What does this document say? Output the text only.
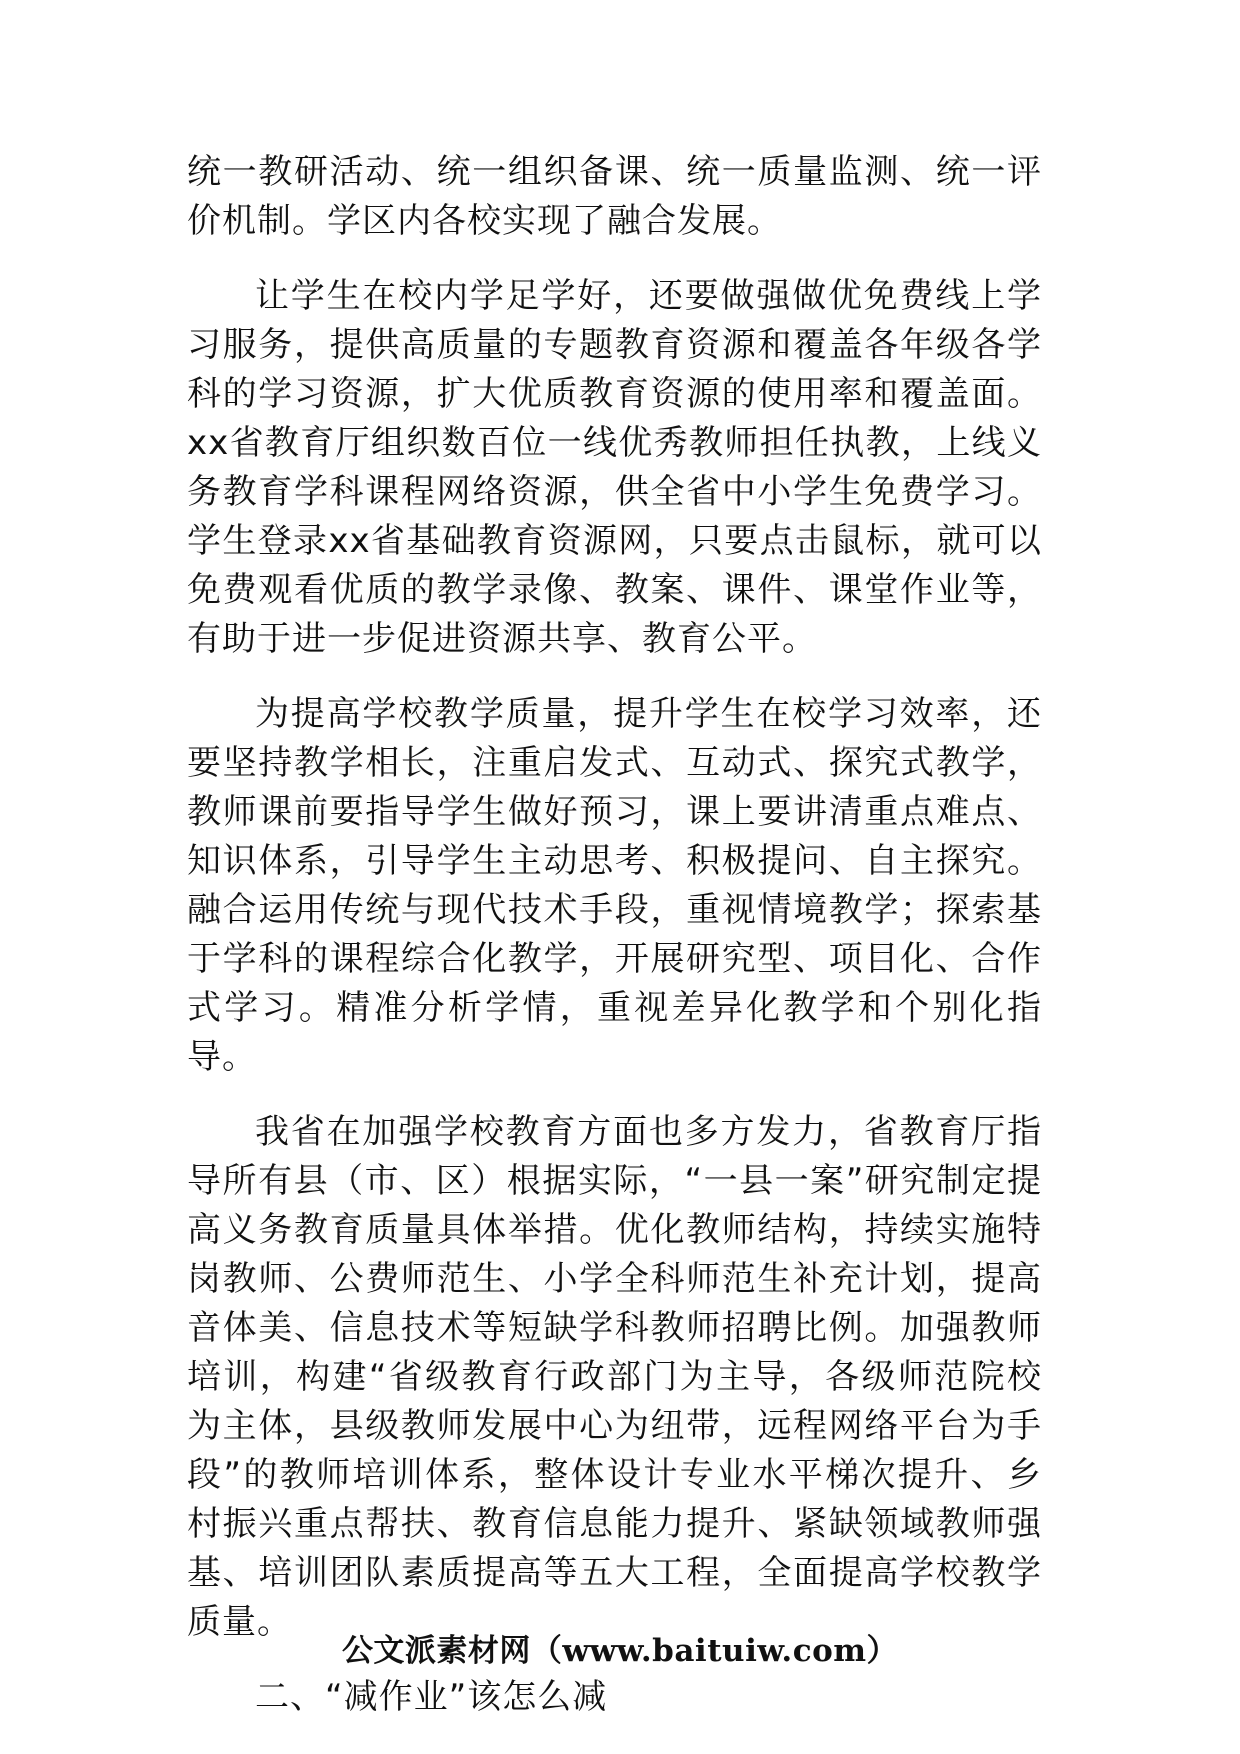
统一教研活动、统一组织备课、统一质量监测、统一评价机制。学区内各校实现了融合发展。

让学生在校内学足学好，还要做强做优免费线上学习服务，提供高质量的专题教育资源和覆盖各年级各学科的学习资源，扩大优质教育资源的使用率和覆盖面。xx省教育厅组织数百位一线优秀教师担任执教，上线义务教育学科课程网络资源，供全省中小学生免费学习。学生登录xx省基础教育资源网，只要点击鼠标，就可以免费观看优质的教学录像、教案、课件、课堂作业等，有助于进一步促进资源共享、教育公平。

为提高学校教学质量，提升学生在校学习效率，还要坚持教学相长，注重启发式、互动式、探究式教学，教师课前要指导学生做好预习，课上要讲清重点难点、知识体系，引导学生主动思考、积极提问、自主探究。融合运用传统与现代技术手段，重视情境教学；探索基于学科的课程综合化教学，开展研究型、项目化、合作式学习。精准分析学情，重视差异化教学和个别化指导。

我省在加强学校教育方面也多方发力，省教育厅指导所有县（市、区）根据实际，“一县一案”研究制定提高义务教育质量具体举措。优化教师结构，持续实施特岗教师、公费师范生、小学全科师范生补充计划，提高音体美、信息技术等短缺学科教师招聘比例。加强教师培训，构建“省级教育行政部门为主导，各级师范院校为主体，县级教师发展中心为纽带，远程网络平台为手段”的教师培训体系，整体设计专业水平梯次提升、乡村振兴重点帮扶、教育信息能力提升、紧缺领域教师强基、培训团队素质提高等五大工程，全面提高学校教学质量。

二、“减作业”该怎么减

公文派素材网（www.baituiw.com）
